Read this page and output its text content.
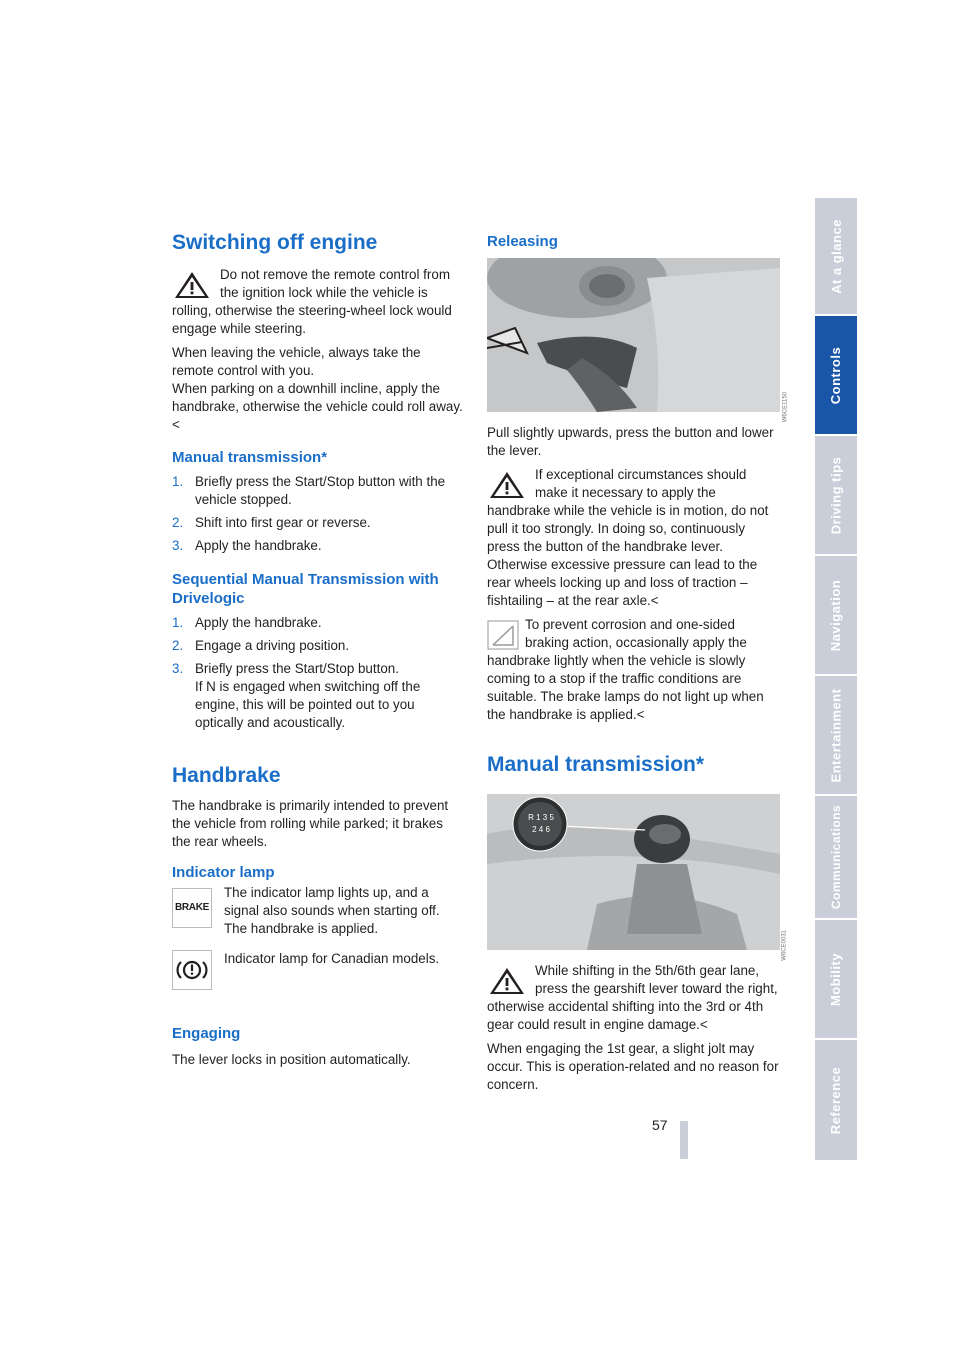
At a glance
Controls
Driving tips
Navigation
Entertainment
Communications
Mobility
Reference
57
Switching off engine

Do not remove the remote control from the ignition lock while the vehicle is rolling, otherwise the steering-wheel lock would engage while steering.

When leaving the vehicle, always take the remote control with you.

When parking on a downhill incline, apply the handbrake, otherwise the vehicle could roll away.<

Manual transmission*
1. Briefly press the Start/Stop button with the vehicle stopped.
2. Shift into first gear or reverse.
3. Apply the handbrake.
Sequential Manual Transmission with Drivelogic
1. Apply the handbrake.
2. Engage a driving position.
3. Briefly press the Start/Stop button.
If N is engaged when switching off the engine, this will be pointed out to you optically and acoustically.
Handbrake

The handbrake is primarily intended to prevent the vehicle from rolling while parked; it brakes the rear wheels.

Indicator lamp
BRAKE
The indicator lamp lights up, and a signal also sounds when starting off. The handbrake is applied.
Indicator lamp for Canadian models.
Engaging

The lever locks in position automatically.

Releasing
W6CE1150

Pull slightly upwards, press the button and lower the lever.

If exceptional circumstances should make it necessary to apply the handbrake while the vehicle is in motion, do not pull it too strongly. In doing so, continuously press the button of the handbrake lever. Otherwise excessive pressure can lead to the rear wheels locking up and loss of traction – fishtailing – at the rear axle.<

To prevent corrosion and one-sided braking action, occasionally apply the handbrake lightly when the vehicle is slowly coming to a stop if the traffic conditions are suitable. The brake lamps do not light up when the handbrake is applied.<

Manual transmission*
R 1 3 5 2 4 6
W6CE0031

While shifting in the 5th/6th gear lane, press the gearshift lever toward the right, otherwise accidental shifting into the 3rd or 4th gear could result in engine damage.<

When engaging the 1st gear, a slight jolt may occur. This is operation-related and no reason for concern.
